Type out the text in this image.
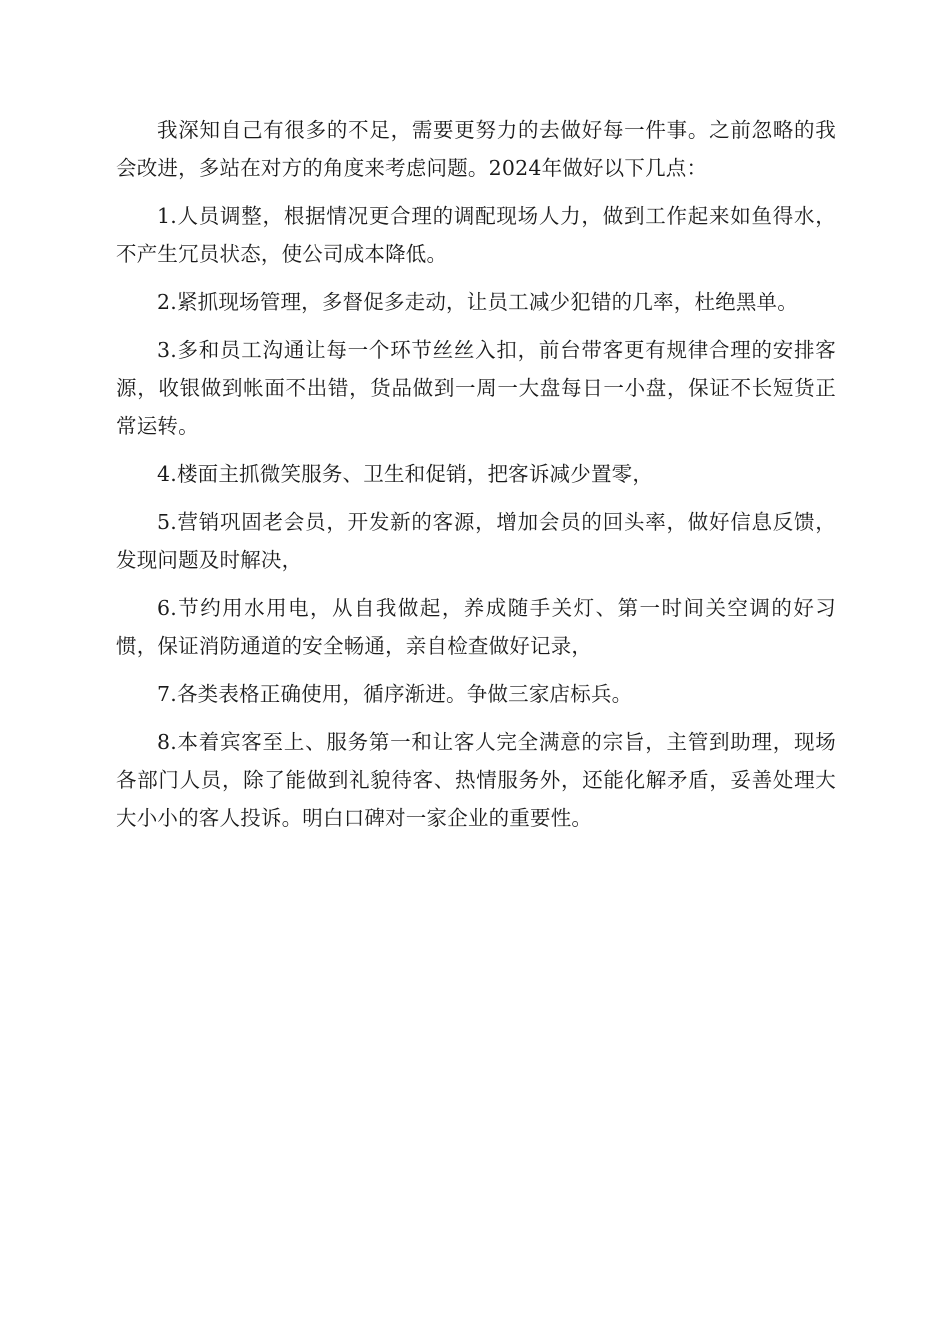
我深知自己有很多的不足，需要更努力的去做好每一件事。之前忽略的我会改进，多站在对方的角度来考虑问题。2024年做好以下几点：

1.人员调整，根据情况更合理的调配现场人力，做到工作起来如鱼得水，不产生冗员状态，使公司成本降低。

2.紧抓现场管理，多督促多走动，让员工减少犯错的几率，杜绝黑单。

3.多和员工沟通让每一个环节丝丝入扣，前台带客更有规律合理的安排客源，收银做到帐面不出错，货品做到一周一大盘每日一小盘，保证不长短货正常运转。

4.楼面主抓微笑服务、卫生和促销，把客诉减少置零，

5.营销巩固老会员，开发新的客源，增加会员的回头率，做好信息反馈，发现问题及时解决，

6.节约用水用电，从自我做起，养成随手关灯、第一时间关空调的好习惯，保证消防通道的安全畅通，亲自检查做好记录，

7.各类表格正确使用，循序渐进。争做三家店标兵。

8.本着宾客至上、服务第一和让客人完全满意的宗旨，主管到助理，现场各部门人员，除了能做到礼貌待客、热情服务外，还能化解矛盾，妥善处理大大小小的客人投诉。明白口碑对一家企业的重要性。
